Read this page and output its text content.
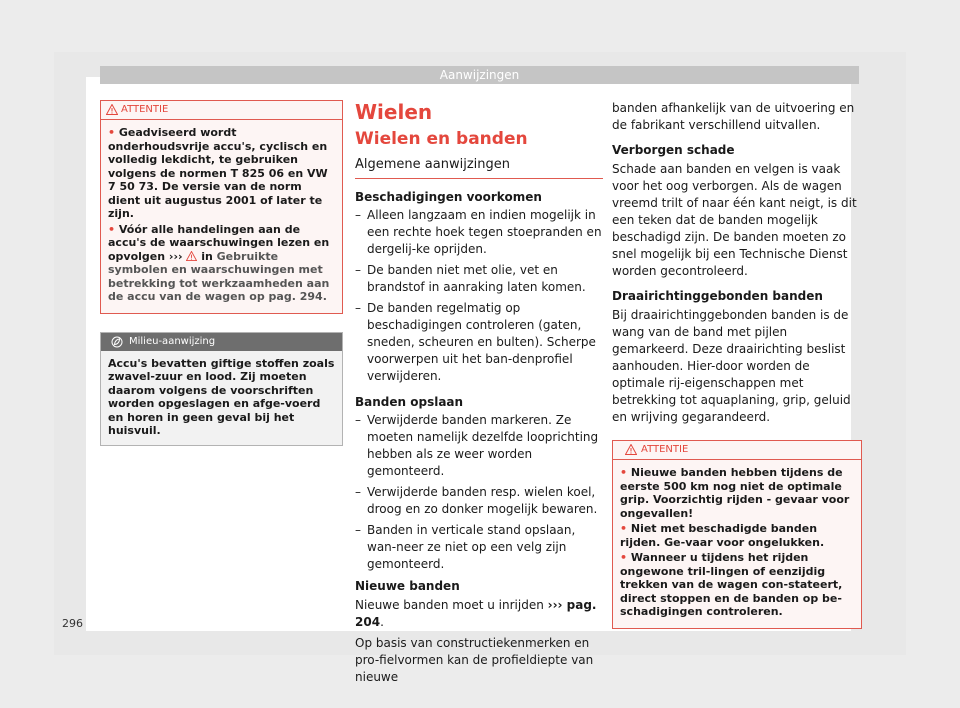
Aanwijzingen
ATTENTIE
• Geadviseerd wordt onderhoudsvrije accu's, cyclisch en volledig lekdicht, te gebruiken volgens de normen T 825 06 en VW 7 50 73. De versie van de norm dient uit augustus 2001 of later te zijn.
• Vóór alle handelingen aan de accu's de waarschuwingen lezen en opvolgen ›››  in Gebruikte symbolen en waarschuwingen met betrekking tot werkzaamheden aan de accu van de wagen op pag. 294.
Milieu-aanwijzing
Accu's bevatten giftige stoffen zoals zwavel-zuur en lood. Zij moeten daarom volgens de voorschriften worden opgeslagen en afge-voerd en horen in geen geval bij het huisvuil.
Wielen
Wielen en banden
Algemene aanwijzingen

Beschadigingen voorkomen

– Alleen langzaam en indien mogelijk in een rechte hoek tegen stoepranden en dergelij-ke oprijden.
– De banden niet met olie, vet en brandstof in aanraking laten komen.
– De banden regelmatig op beschadigingen controleren (gaten, sneden, scheuren en bulten). Scherpe voorwerpen uit het ban-denprofiel verwijderen.

Banden opslaan

– Verwijderde banden markeren. Ze moeten namelijk dezelfde looprichting hebben als ze weer worden gemonteerd.
– Verwijderde banden resp. wielen koel, droog en zo donker mogelijk bewaren.
– Banden in verticale stand opslaan, wan-neer ze niet op een velg zijn gemonteerd.

Nieuwe banden

Nieuwe banden moet u inrijden ››› pag. 204.

Op basis van constructiekenmerken en pro-fielvormen kan de profieldiepte van nieuwe

banden afhankelijk van de uitvoering en de fabrikant verschillend uitvallen.

Verborgen schade

Schade aan banden en velgen is vaak voor het oog verborgen. Als de wagen vreemd trilt of naar één kant neigt, is dit een teken dat de banden mogelijk beschadigd zijn. De banden moeten zo snel mogelijk bij een Technische Dienst worden gecontroleerd.

Draairichtinggebonden banden

Bij draairichtinggebonden banden is de wang van de band met pijlen gemarkeerd. Deze draairichting beslist aanhouden. Hier-door worden de optimale rij-eigenschappen met betrekking tot aquaplaning, grip, geluid en wrijving gegarandeerd.

ATTENTIE
• Nieuwe banden hebben tijdens de eerste 500 km nog niet de optimale grip. Voorzichtig rijden - gevaar voor ongevallen!
• Niet met beschadigde banden rijden. Ge-vaar voor ongelukken.
• Wanneer u tijdens het rijden ongewone tril-lingen of eenzijdig trekken van de wagen con-stateert, direct stoppen en de banden op be-schadigingen controleren.
296
